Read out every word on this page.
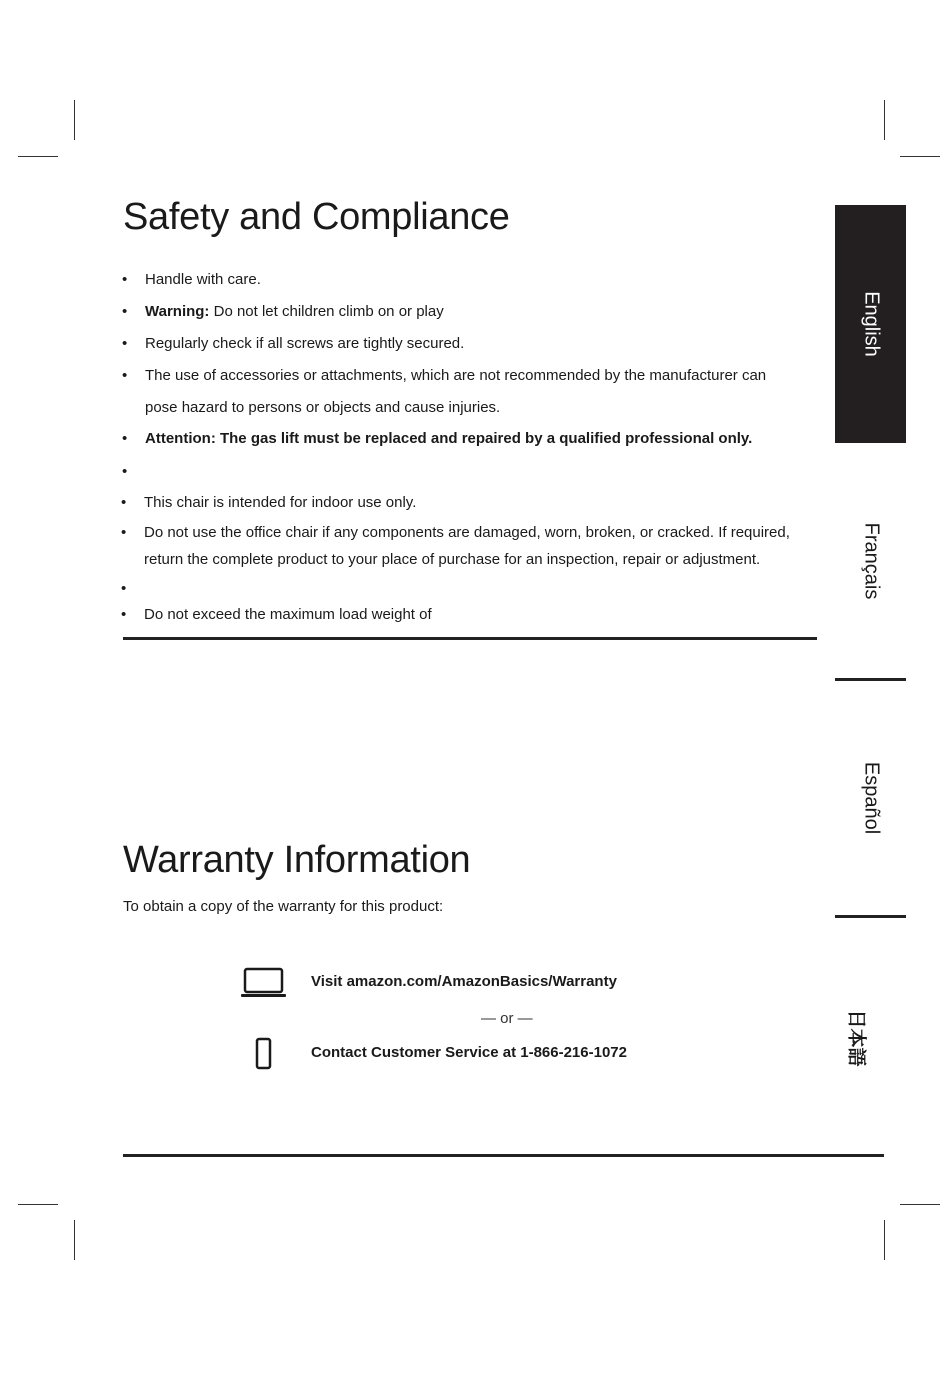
Safety and Compliance
• Handle with care.
• Warning: Do not let children climb on or play
• Regularly check if all screws are tightly secured.
• The use of accessories or attachments, which are not recommended by the manufacturer can
pose hazard to persons or objects and cause injuries.
• Attention: The gas lift must be replaced and repaired by a qualified professional only.
•
• This chair is intended for indoor use only.
• Do not use the office chair if any components are damaged, worn, broken, or cracked. If required,
return the complete product to your place of purchase for an inspection, repair or adjustment.
•
• Do not exceed the maximum load weight of
Warranty Information
To obtain a copy of the warranty for this product:
Visit amazon.com/AmazonBasics/Warranty
— or —
Contact Customer Service at 1-866-216-1072
English
Français
Español
日本語
